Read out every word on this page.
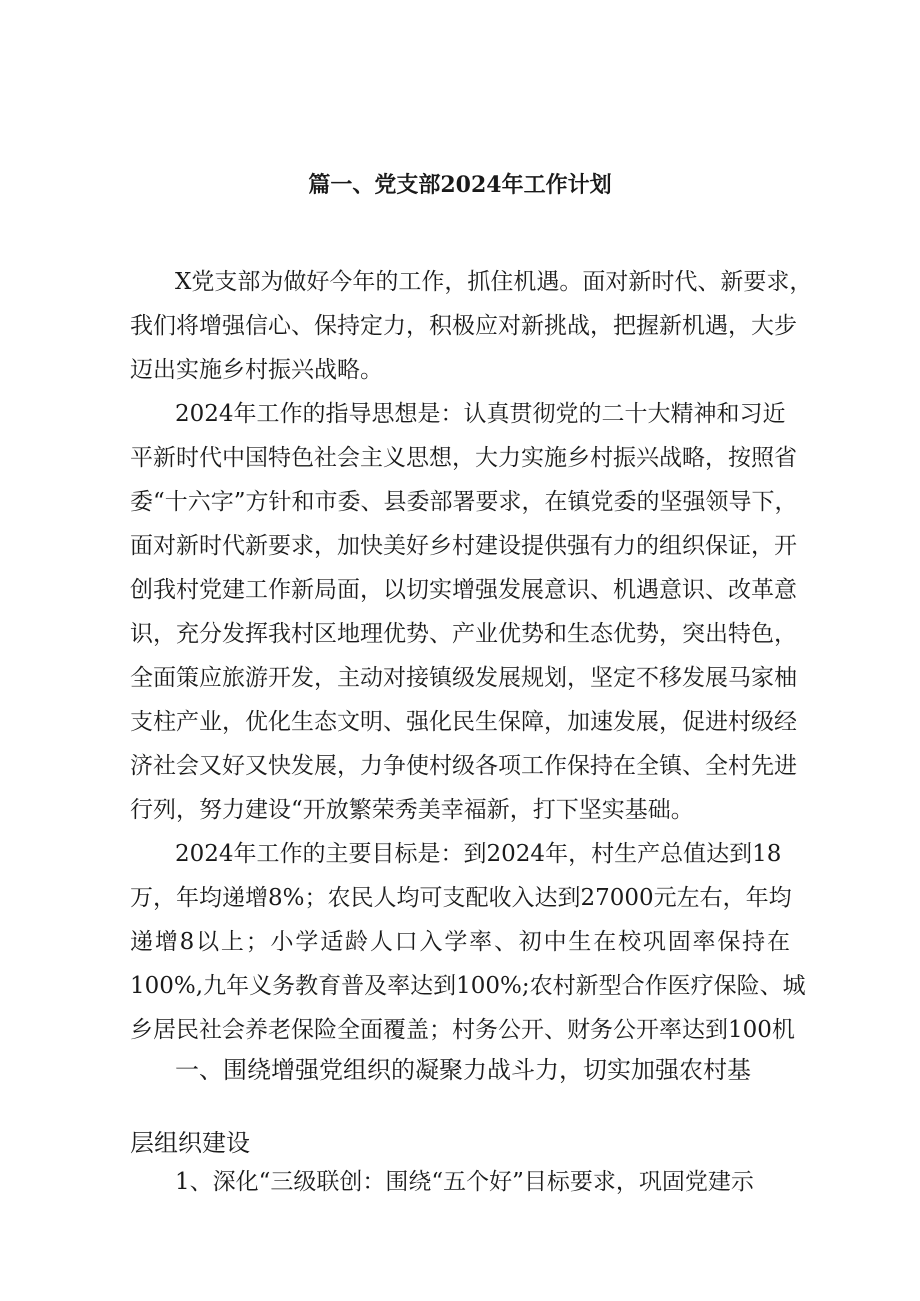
篇一、党支部2024年工作计划
X党支部为做好今年的工作，抓住机遇。面对新时代、新要求，
我们将增强信心、保持定力，积极应对新挑战，把握新机遇，大步
迈出实施乡村振兴战略。
2024年工作的指导思想是：认真贯彻党的二十大精神和习近
平新时代中国特色社会主义思想，大力实施乡村振兴战略，按照省
委“十六字”方针和市委、县委部署要求，在镇党委的坚强领导下，
面对新时代新要求，加快美好乡村建设提供强有力的组织保证，开
创我村党建工作新局面，以切实增强发展意识、机遇意识、改革意
识，充分发挥我村区地理优势、产业优势和生态优势，突出特色，
全面策应旅游开发，主动对接镇级发展规划，坚定不移发展马家柚
支柱产业，优化生态文明、强化民生保障，加速发展，促进村级经
济社会又好又快发展，力争使村级各项工作保持在全镇、全村先进
行列，努力建设“开放繁荣秀美幸福新，打下坚实基础。
2024年工作的主要目标是：到2024年，村生产总值达到18
万，年均递增8%；农民人均可支配收入达到27000元左右，年均
递增8以上；小学适龄人口入学率、初中生在校巩固率保持在
100%,九年义务教育普及率达到100%;农村新型合作医疗保险、城
乡居民社会养老保险全面覆盖；村务公开、财务公开率达到100机
一、围绕增强党组织的凝聚力战斗力，切实加强农村基
层组织建设
1、深化“三级联创：围绕“五个好”目标要求，巩固党建示
